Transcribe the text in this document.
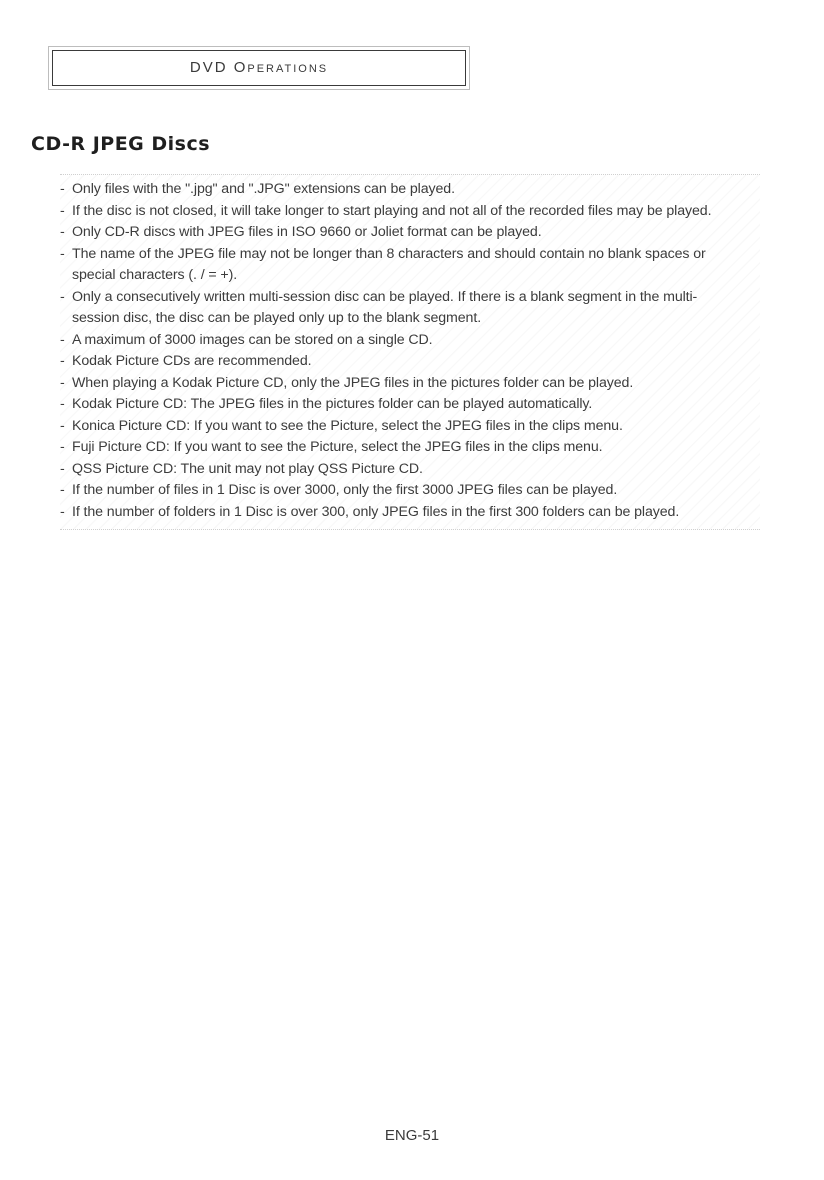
DVD Operations
CD-R JPEG Discs
- Only files with the ".jpg" and ".JPG" extensions can be played.
- If the disc is not closed, it will take longer to start playing and not all of the recorded files may be played.
- Only CD-R discs with JPEG files in ISO 9660 or Joliet format can be played.
- The name of the JPEG file may not be longer than 8 characters and should contain no blank spaces or
special characters (. / = +).
- Only a consecutively written multi-session disc can be played. If there is a blank segment in the multi-
session disc, the disc can be played only up to the blank segment.
- A maximum of 3000 images can be stored on a single CD.
- Kodak Picture CDs are recommended.
- When playing a Kodak Picture CD, only the JPEG files in the pictures folder can be played.
- Kodak Picture CD: The JPEG files in the pictures folder can be played automatically.
- Konica Picture CD: If you want to see the Picture, select the JPEG files in the clips menu.
- Fuji Picture CD: If you want to see the Picture, select the JPEG files in the clips menu.
- QSS Picture CD: The unit may not play QSS Picture CD.
- If the number of files in 1 Disc is over 3000, only the first 3000 JPEG files can be played.
- If the number of folders in 1 Disc is over 300, only JPEG files in the first 300 folders can be played.
ENG-51
